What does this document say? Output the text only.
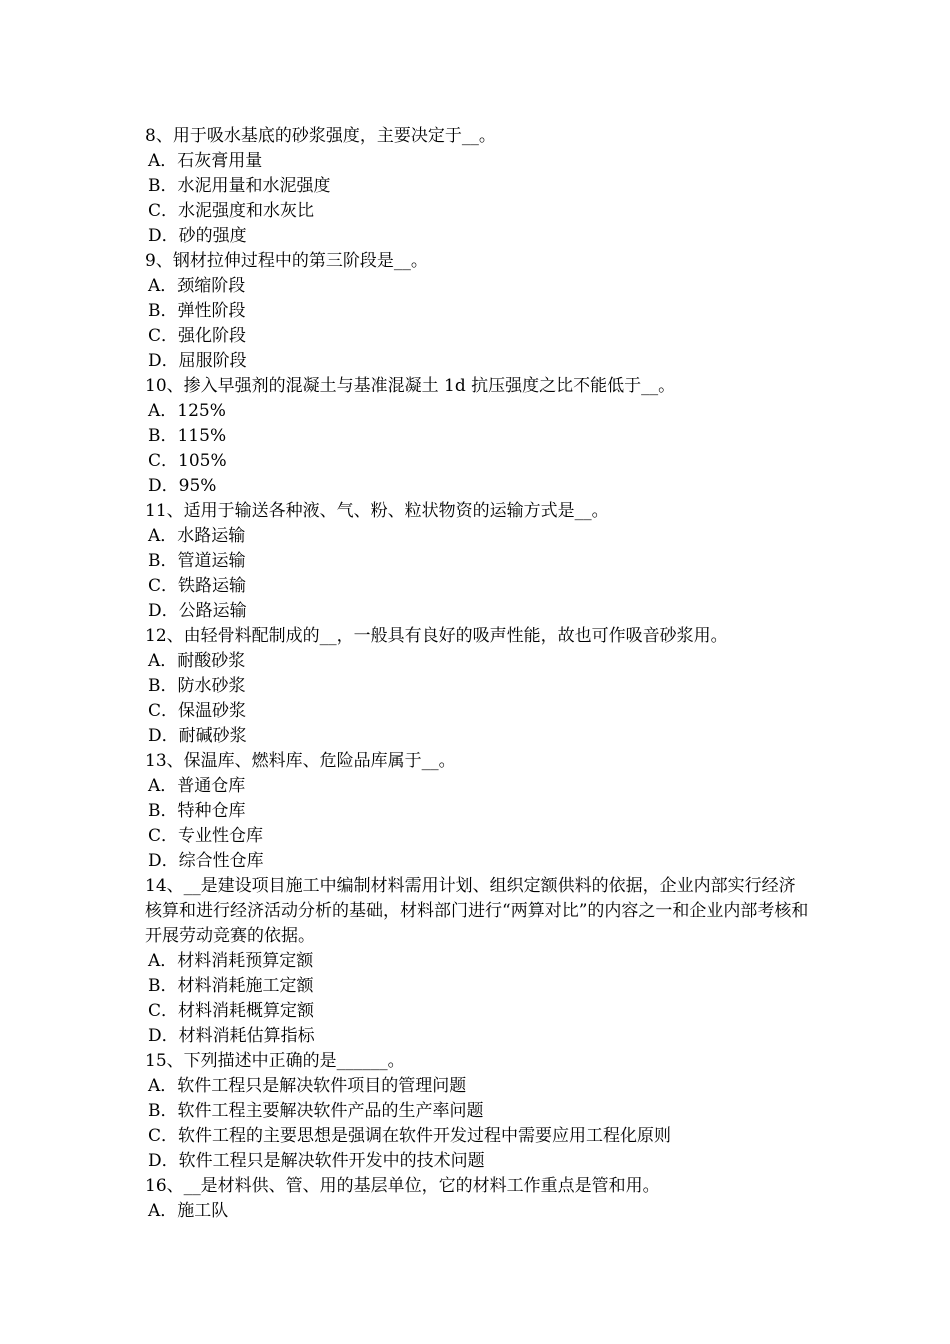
8、用于吸水基底的砂浆强度，主要决定于__。
A．石灰膏用量
B．水泥用量和水泥强度
C．水泥强度和水灰比
D．砂的强度
9、钢材拉伸过程中的第三阶段是__。
A．颈缩阶段
B．弹性阶段
C．强化阶段
D．屈服阶段
10、掺入早强剂的混凝土与基准混凝土 1d 抗压强度之比不能低于__。
A．125%
B．115%
C．105%
D．95%
11、适用于输送各种液、气、粉、粒状物资的运输方式是__。
A．水路运输
B．管道运输
C．铁路运输
D．公路运输
12、由轻骨料配制成的__，一般具有良好的吸声性能，故也可作吸音砂浆用。
A．耐酸砂浆
B．防水砂浆
C．保温砂浆
D．耐碱砂浆
13、保温库、燃料库、危险品库属于__。
A．普通仓库
B．特种仓库
C．专业性仓库
D．综合性仓库
14、__是建设项目施工中编制材料需用计划、组织定额供料的依据，企业内部实行经济核算和进行经济活动分析的基础，材料部门进行“两算对比”的内容之一和企业内部考核和开展劳动竞赛的依据。
A．材料消耗预算定额
B．材料消耗施工定额
C．材料消耗概算定额
D．材料消耗估算指标
15、下列描述中正确的是______。
A．软件工程只是解决软件项目的管理问题
B．软件工程主要解决软件产品的生产率问题
C．软件工程的主要思想是强调在软件开发过程中需要应用工程化原则
D．软件工程只是解决软件开发中的技术问题
16、__是材料供、管、用的基层单位，它的材料工作重点是管和用。
A．施工队
